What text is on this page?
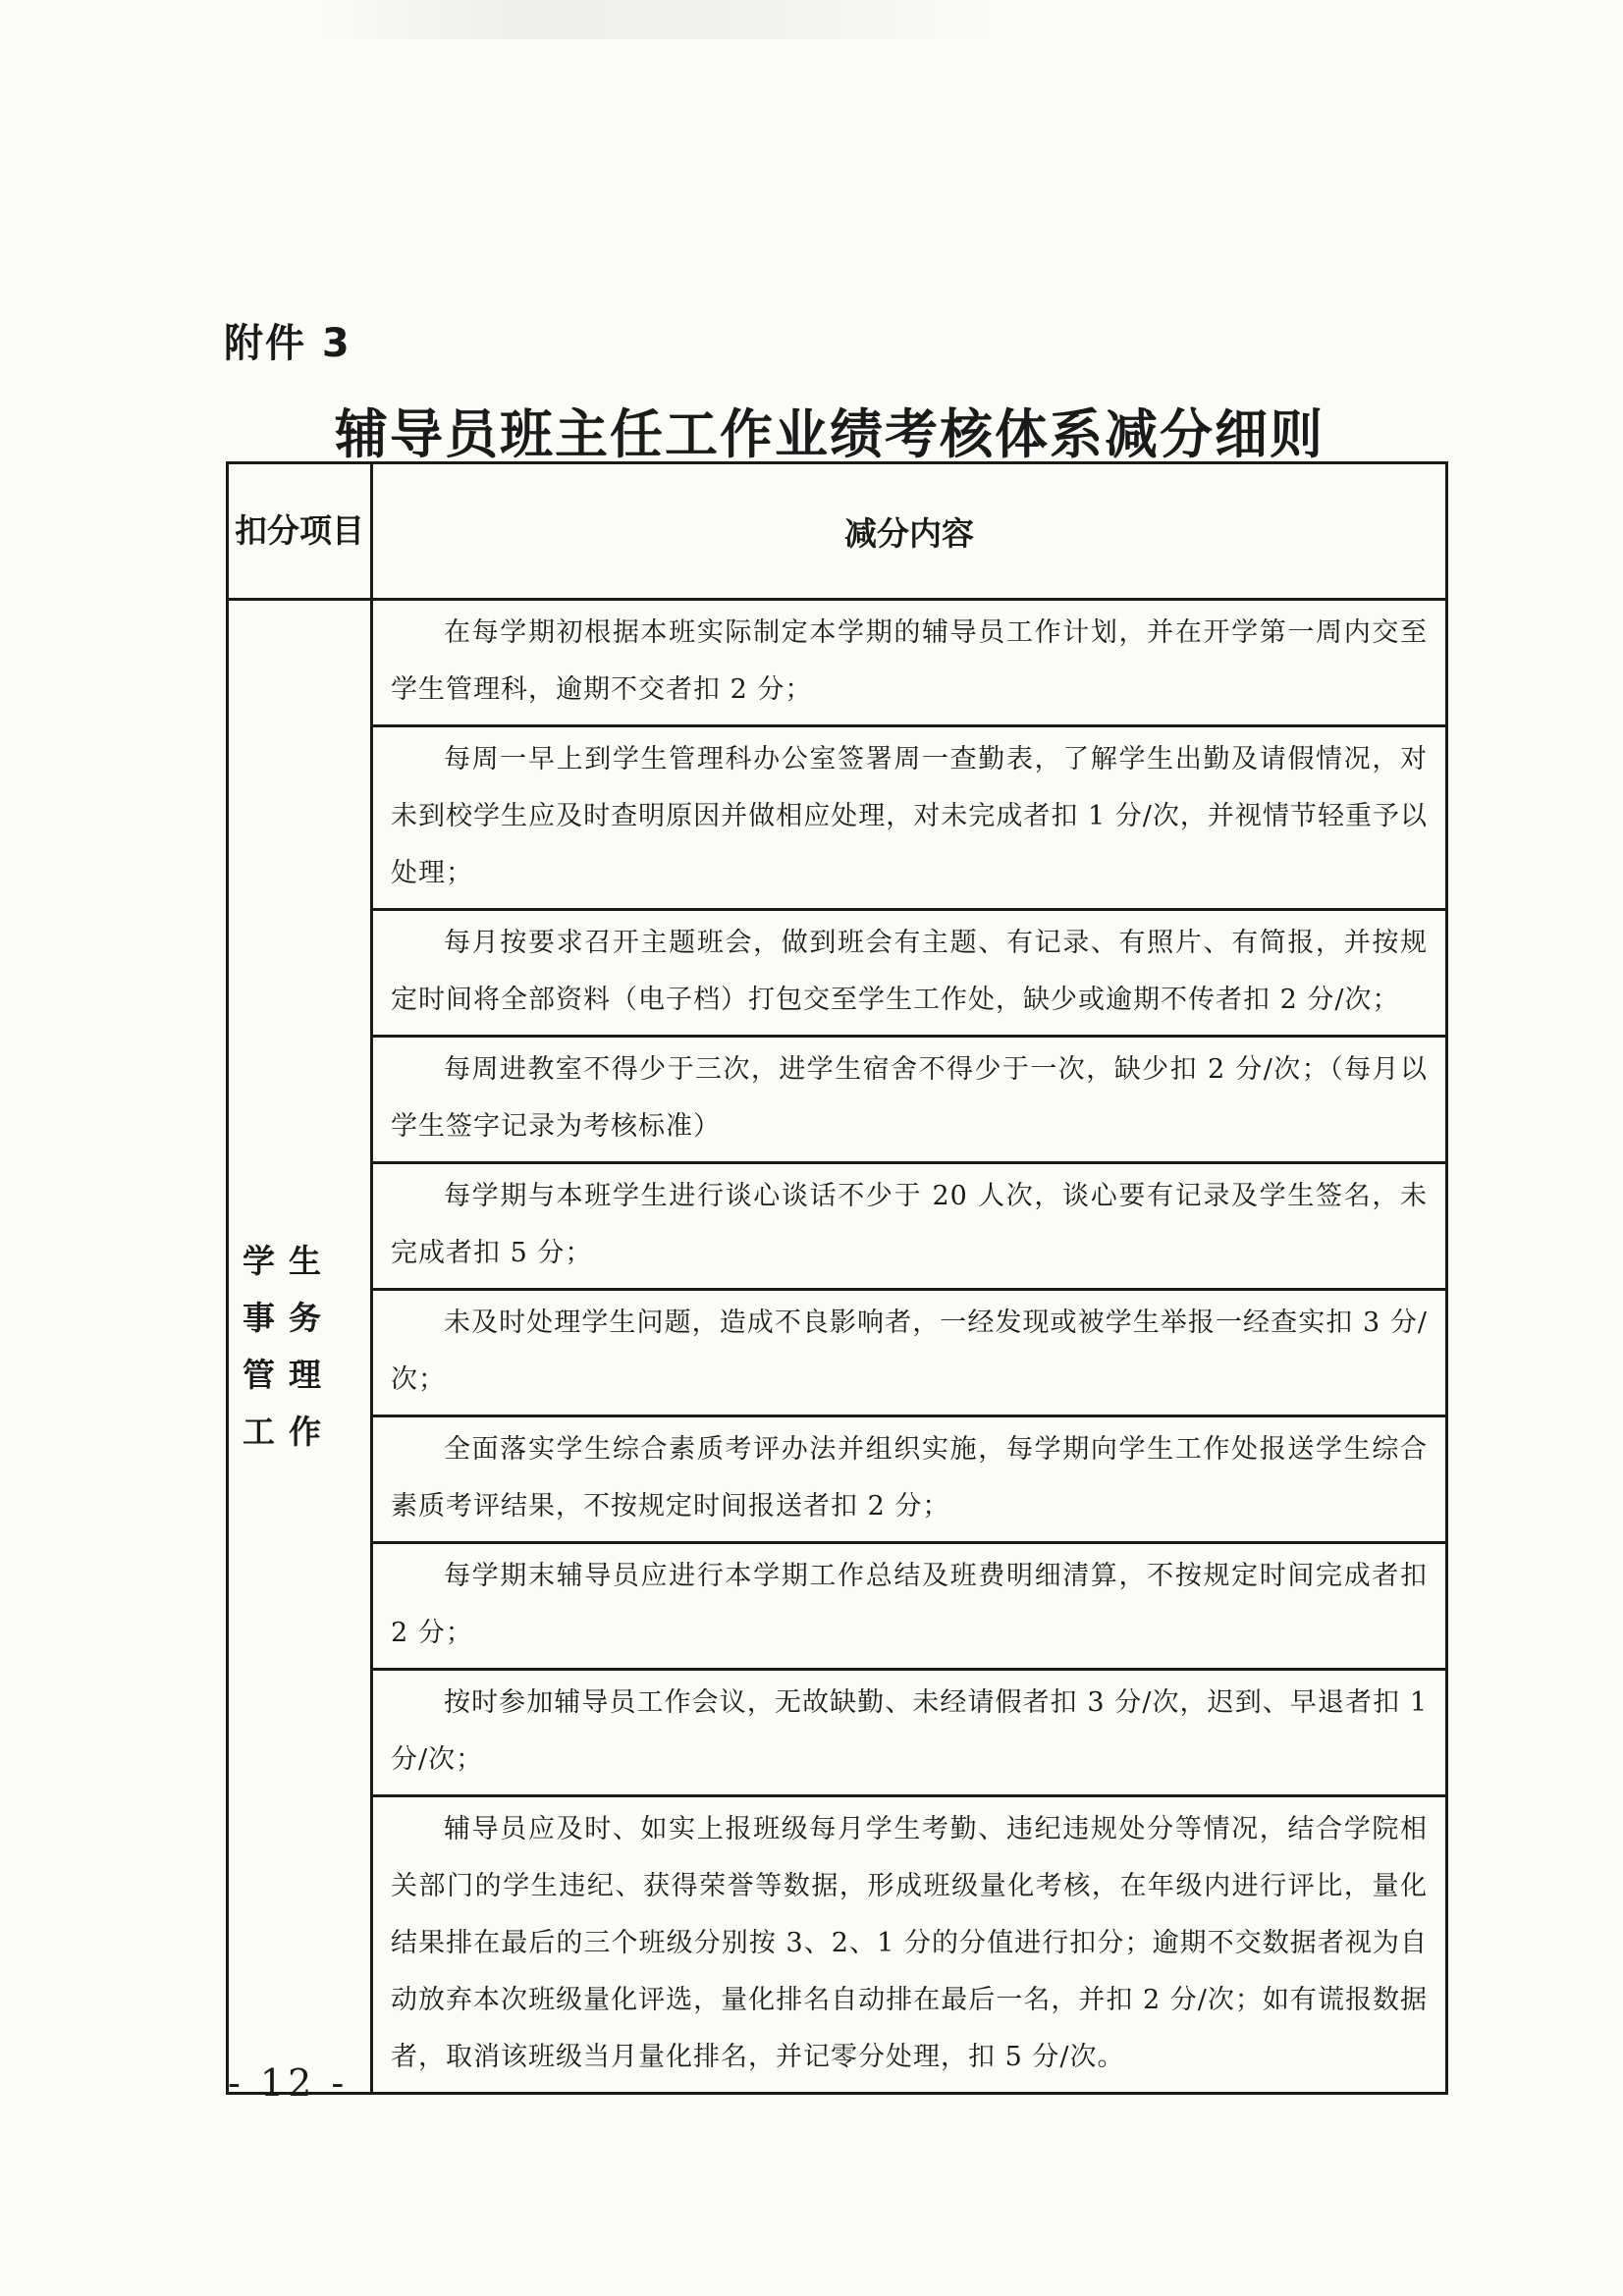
附件 3
辅导员班主任工作业绩考核体系减分细则
扣分项目	减分内容
学生事务管理工作	在每学期初根据本班实际制定本学期的辅导员工作计划，并在开学第一周内交至学生管理科，逾期不交者扣 2 分；
	每周一早上到学生管理科办公室签署周一查勤表，了解学生出勤及请假情况，对未到校学生应及时查明原因并做相应处理，对未完成者扣 1 分/次，并视情节轻重予以处理；
	每月按要求召开主题班会，做到班会有主题、有记录、有照片、有简报，并按规定时间将全部资料（电子档）打包交至学生工作处，缺少或逾期不传者扣 2 分/次；
	每周进教室不得少于三次，进学生宿舍不得少于一次，缺少扣 2 分/次；（每月以学生签字记录为考核标准）
	每学期与本班学生进行谈心谈话不少于 20 人次，谈心要有记录及学生签名，未完成者扣 5 分；
	未及时处理学生问题，造成不良影响者，一经发现或被学生举报一经查实扣 3 分/次；
	全面落实学生综合素质考评办法并组织实施，每学期向学生工作处报送学生综合素质考评结果，不按规定时间报送者扣 2 分；
	每学期末辅导员应进行本学期工作总结及班费明细清算，不按规定时间完成者扣 2 分；
	按时参加辅导员工作会议，无故缺勤、未经请假者扣 3 分/次，迟到、早退者扣 1 分/次；
	辅导员应及时、如实上报班级每月学生考勤、违纪违规处分等情况，结合学院相关部门的学生违纪、获得荣誉等数据，形成班级量化考核，在年级内进行评比，量化结果排在最后的三个班级分别按 3、2、1 分的分值进行扣分；逾期不交数据者视为自动放弃本次班级量化评选，量化排名自动排在最后一名，并扣 2 分/次；如有谎报数据者，取消该班级当月量化排名，并记零分处理，扣 5 分/次。
- 12 -
